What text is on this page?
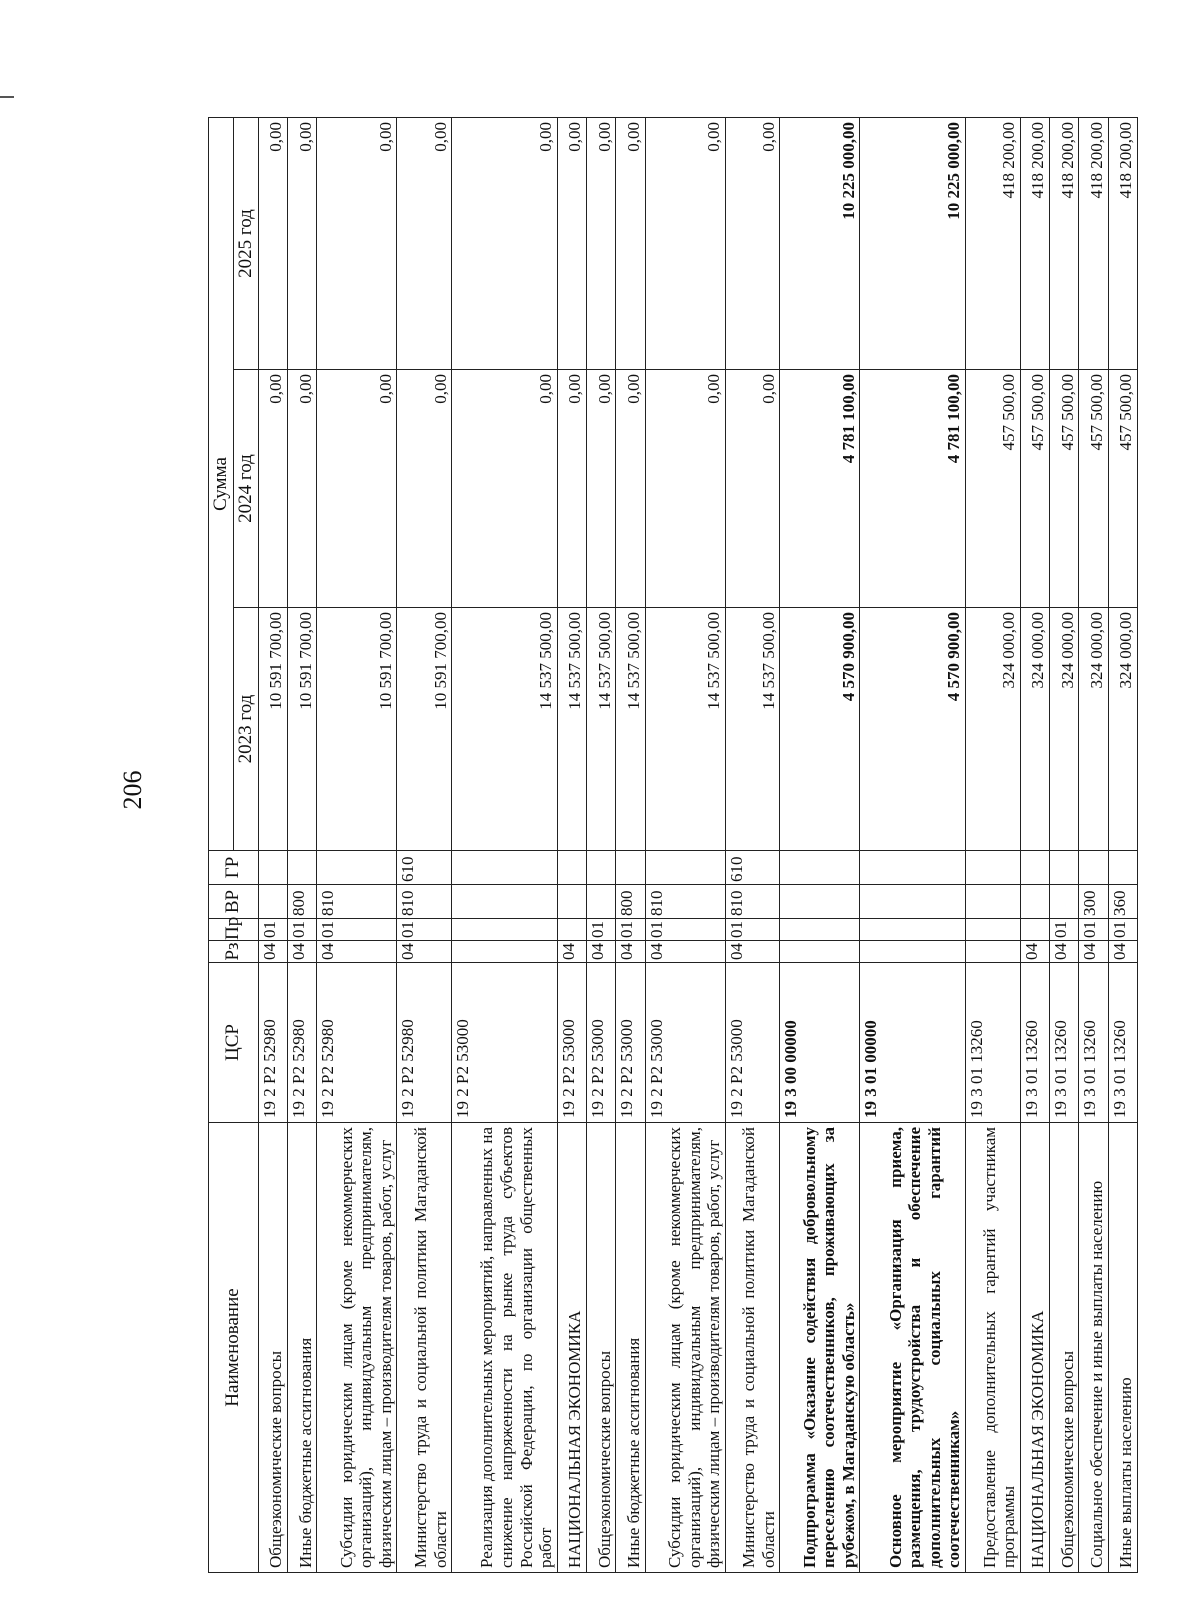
206
Наименование	ЦСР	Рз	Пр	ВР	ГР	Сумма		
						2023 год	2024 год	2025 год
Общеэкономические вопросы	19 2 Р2 52980	04	01			10 591 700,00	0,00	0,00
Иные бюджетные ассигнования	19 2 Р2 52980	04	01	800		10 591 700,00	0,00	0,00
Субсидии юридическим лицам (кроме некоммерческих организаций), индивидуальным предпринимателям, физическим лицам – производителям товаров, работ, услуг	19 2 Р2 52980	04	01	810		10 591 700,00	0,00	0,00
Министерство труда и социальной политики Магаданской области	19 2 Р2 52980	04	01	810	610	10 591 700,00	0,00	0,00
Реализация дополнительных мероприятий, направленных на снижение напряженности на рынке труда субъектов Российской Федерации, по организации общественных работ	19 2 Р2 53000					14 537 500,00	0,00	0,00
НАЦИОНАЛЬНАЯ ЭКОНОМИКА	19 2 Р2 53000	04				14 537 500,00	0,00	0,00
Общеэкономические вопросы	19 2 Р2 53000	04	01			14 537 500,00	0,00	0,00
Иные бюджетные ассигнования	19 2 Р2 53000	04	01	800		14 537 500,00	0,00	0,00
Субсидии юридическим лицам (кроме некоммерческих организаций), индивидуальным предпринимателям, физическим лицам – производителям товаров, работ, услуг	19 2 Р2 53000	04	01	810		14 537 500,00	0,00	0,00
Министерство труда и социальной политики Магаданской области	19 2 Р2 53000	04	01	810	610	14 537 500,00	0,00	0,00
Подпрограмма «Оказание содействия добровольному переселению соотечественников, проживающих за рубежом, в Магаданскую область»	19 3 00 00000					4 570 900,00	4 781 100,00	10 225 000,00
Основное мероприятие «Организация приема, размещения, трудоустройства и обеспечение дополнительных социальных гарантий соотечественникам»	19 3 01 00000					4 570 900,00	4 781 100,00	10 225 000,00
Предоставление дополнительных гарантий участникам программы	19 3 01 13260					324 000,00	457 500,00	418 200,00
НАЦИОНАЛЬНАЯ ЭКОНОМИКА	19 3 01 13260	04				324 000,00	457 500,00	418 200,00
Общеэкономические вопросы	19 3 01 13260	04	01			324 000,00	457 500,00	418 200,00
Социальное обеспечение и иные выплаты населению	19 3 01 13260	04	01	300		324 000,00	457 500,00	418 200,00
Иные выплаты населению	19 3 01 13260	04	01	360		324 000,00	457 500,00	418 200,00
